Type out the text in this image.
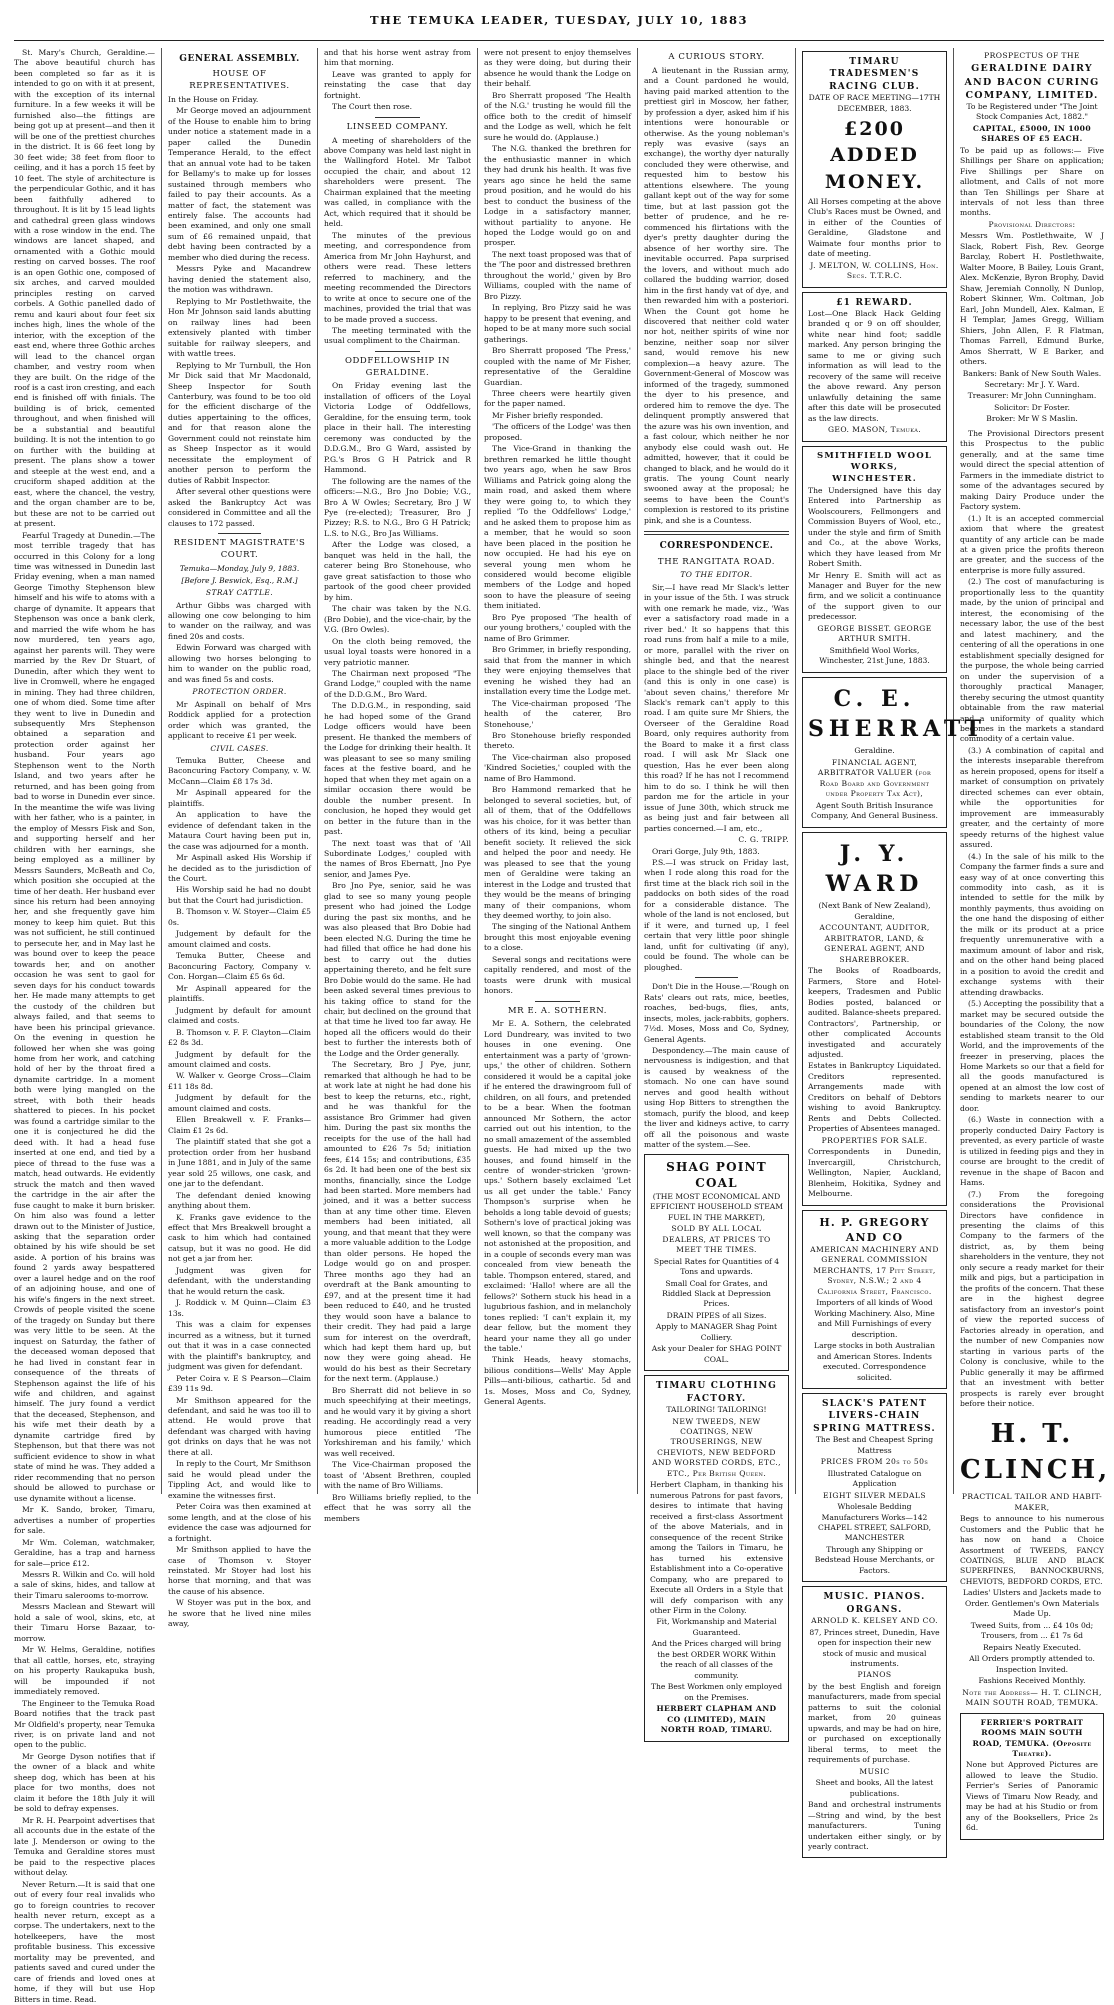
THE TEMUKA LEADER, TUESDAY, JULY 10, 1883

St. Mary's Church, Geraldine.—The above beautiful church has been completed so far as it is intended to go on with it at present, with the exception of its internal furniture. In a few weeks it will be furnished also—the fittings are being got up at present—and then it will be one of the prettiest churches in the district. It is 66 feet long by 30 feet wide; 38 feet from floor to ceiling, and it has a porch 15 feet by 10 feet. The style of architecture is the perpendicular Gothic, and it has been faithfully adhered to throughout. It is lit by 15 lead lights and cathedral green glass windows with a rose window in the end. The windows are lancet shaped, and ornamented with a Gothic mould resting on carved bosses. The roof is an open Gothic one, composed of six arches, and carved moulded principles resting on carved corbels. A Gothic panelled dado of remu and kauri about four feet six inches high, lines the whole of the interior, with the exception of the east end, where three Gothic arches will lead to the chancel organ chamber, and vestry room when they are built. On the ridge of the roof is a cast iron cresting, and each end is finished off with finials. The building is of brick, cemented throughout, and when finished will be a substantial and beautiful building. It is not the intention to go on further with the building at present. The plans show a tower and steeple at the west end, and a cruciform shaped addition at the east, where the chancel, the vestry, and the organ chamber are to be, but these are not to be carried out at present.

Fearful Tragedy at Dunedin.—The most terrible tragedy that has occurred in this Colony for a long time was witnessed in Dunedin last Friday evening, when a man named George Timothy Stephenson blew himself and his wife to atoms with a charge of dynamite. It appears that Stephenson was once a bank clerk, and married the wife whom he has now murdered, ten years ago, against her parents will. They were married by the Rev Dr Stuart, of Dunedin, after which they went to live in Cromwell, where he engaged in mining. They had three children, one of whom died. Some time after they went to live in Dunedin and subsequently Mrs Stephenson obtained a separation and protection order against her husband. Four years ago Stephenson went to the North Island, and two years after he returned, and has been going from bad to worse in Dunedin ever since. In the meantime the wife was living with her father, who is a painter, in the employ of Messrs Fisk and Son, and supporting herself and her children with her earnings, she being employed as a milliner by Messrs Saunders, McBeath and Co, which position she occupied at the time of her death. Her husband ever since his return had been annoying her, and she frequently gave him money to keep him quiet. But this was not sufficient, he still continued to persecute her, and in May last he was bound over to keep the peace towards her, and on another occasion he was sent to gaol for seven days for his conduct towards her. He made many attempts to get the custody of the children but always failed, and that seems to have been his principal grievance. On the evening in question he followed her when she was going home from her work, and catching hold of her by the throat fired a dynamite cartridge. In a moment both were lying mangled on the street, with both their heads shattered to pieces. In his pocket was found a cartridge similar to the one it is conjectured he did the deed with. It had a head fuse inserted at one end, and tied by a piece of thread to the fuse was a match, head outwards. He evidently struck the match and then waved the cartridge in the air after the fuse caught to make it burn brisker. On him also was found a letter drawn out to the Minister of Justice, asking that the separation order obtained by his wife should be set aside. A portion of his brains was found 2 yards away bespattered over a laurel hedge and on the roof of an adjoining house, and one of his wife's fingers in the next street. Crowds of people visited the scene of the tragedy on Sunday but there was very little to be seen. At the inquest on Saturday, the father of the deceased woman deposed that he had lived in constant fear in consequence of the threats of Stephenson against the life of his wife and children, and against himself. The jury found a verdict that the deceased, Stephenson, and his wife met their death by a dynamite cartridge fired by Stephenson, but that there was not sufficient evidence to show in what state of mind he was. They added a rider recommending that no person should be allowed to purchase or use dynamite without a license.

Mr K. Sando, broker, Timaru, advertises a number of properties for sale.

Mr Wm. Coleman, watchmaker, Geraldine, has a trap and harness for sale—price £12.

Messrs R. Wilkin and Co. will hold a sale of skins, hides, and tallow at their Timaru salerooms to-morrow.

Messrs Maclean and Stewart will hold a sale of wool, skins, etc, at their Timaru Horse Bazaar, to-morrow.

Mr W. Helms, Geraldine, notifies that all cattle, horses, etc, straying on his property Raukapuka bush, will be impounded if not immediately removed.

The Engineer to the Temuka Road Board notifies that the track past Mr Oldfield's property, near Temuka river, is on private land and not open to the public.

Mr George Dyson notifies that if the owner of a black and white sheep dog, which has been at his place for two months, does not claim it before the 18th July it will be sold to defray expenses.

Mr R. H. Pearpoint advertises that all accounts due in the estate of the late J. Menderson or owing to the Temuka and Geraldine stores must be paid to the respective places without delay.

Never Return.—It is said that one out of every four real invalids who go to foreign countries to recover health never return, except as a corpse. The undertakers, next to the hotelkeepers, have the most profitable business. This excessive mortality may be prevented, and patients saved and cured under the care of friends and loved ones at home, if they will but use Hop Bitters in time. Read.

GENERAL ASSEMBLY.
HOUSE OF REPRESENTATIVES.

In the House on Friday.

Mr George moved an adjournment of the House to enable him to bring under notice a statement made in a paper called the Dunedin Temperance Herald, to the effect that an annual vote had to be taken for Bellamy's to make up for losses sustained through members who failed to pay their accounts. As a matter of fact, the statement was entirely false. The accounts had been examined, and only one small sum of £6 remained unpaid, that debt having been contracted by a member who died during the recess.

Messrs Pyke and Macandrew having denied the statement also, the motion was withdrawn.

Replying to Mr Postlethwaite, the Hon Mr Johnson said lands abutting on railway lines had been extensively planted with timber suitable for railway sleepers, and with wattle trees.

Replying to Mr Turnbull, the Hon Mr Dick said that Mr Macdonald, Sheep Inspector for South Canterbury, was found to be too old for the efficient discharge of the duties appertaining to the offices, and for that reason alone the Government could not reinstate him as Sheep Inspector as it would necessitate the employment of another person to perform the duties of Rabbit Inspector.

After several other questions were asked the Bankruptcy Act was considered in Committee and all the clauses to 172 passed.

RESIDENT MAGISTRATE'S COURT.
Temuka—Monday, July 9, 1883.
[Before J. Beswick, Esq., R.M.]
STRAY CATTLE.

Arthur Gibbs was charged with allowing one cow belonging to him to wander on the railway, and was fined 20s and costs.

Edwin Forward was charged with allowing two horses belonging to him to wander on the public road, and was fined 5s and costs.

PROTECTION ORDER.

Mr Aspinall on behalf of Mrs Roddick applied for a protection order which was granted, the applicant to receive £1 per week.

CIVIL CASES.

Temuka Butter, Cheese and Baconcuring Factory Company, v. W. McCann—Claim £8 17s 3d.

Mr Aspinall appeared for the plaintiffs.

An application to have the evidence of defendant taken in the Mataura Court having been put in, the case was adjourned for a month.

Mr Aspinall asked His Worship if he decided as to the jurisdiction of the Court.

His Worship said he had no doubt but that the Court had jurisdiction.

B. Thomson v. W. Stoyer—Claim £5 0s.

Judgement by default for the amount claimed and costs.

Temuka Butter, Cheese and Baconcuring Factory, Company v. Con. Horgan—Claim £5 6s 6d.

Mr Aspinall appeared for the plaintiffs.

Judgment by default for amount claimed and costs.

B. Thomson v. F. F. Clayton—Claim £2 8s 3d.

Judgment by default for the amount claimed and costs.

W. Walker v. George Cross—Claim £11 18s 8d.

Judgment by default for the amount claimed and costs.

Ellen Breakwell v. F. Franks—Claim £1 2s 6d.

The plaintiff stated that she got a protection order from her husband in June 1881, and in July of the same year sold 25 willows, one cask, and one jar to the defendant.

The defendant denied knowing anything about them.

K. Franks gave evidence to the effect that Mrs Breakwell brought a cask to him which had contained catsup, but it was no good. He did not get a jar from her.

Judgment was given for defendant, with the understanding that he would return the cask.

J. Roddick v. M Quinn—Claim £3 13s.

This was a claim for expenses incurred as a witness, but it turned out that it was in a case connected with the plaintiff's bankruptcy, and judgment was given for defendant.

Peter Coira v. E S Pearson—Claim £39 11s 9d.

Mr Smithson appeared for the defendant, and said he was too ill to attend. He would prove that defendant was charged with having got drinks on days that he was not there at all.

In reply to the Court, Mr Smithson said he would plead under the Tippling Act, and would like to examine the witnesses first.

Peter Coira was then examined at some length, and at the close of his evidence the case was adjourned for a fortnight.

Mr Smithson applied to have the case of Thomson v. Stoyer reinstated. Mr Stoyer had lost his horse that morning, and that was the cause of his absence.

W Stoyer was put in the box, and he swore that he lived nine miles away,

and that his horse went astray from him that morning.

Leave was granted to apply for reinstating the case that day fortnight.

The Court then rose.

LINSEED COMPANY.

A meeting of shareholders of the above Company was held last night in the Wallingford Hotel. Mr Talbot occupied the chair, and about 12 shareholders were present. The Chairman explained that the meeting was called, in compliance with the Act, which required that it should be held.

The minutes of the previous meeting, and correspondence from America from Mr John Hayhurst, and others were read. These letters referred to machinery, and the meeting recommended the Directors to write at once to secure one of the machines, provided the trial that was to be made proved a success.

The meeting terminated with the usual compliment to the Chairman.

ODDFELLOWSHIP IN GERALDINE.

On Friday evening last the installation of officers of the Loyal Victoria Lodge of Oddfellows, Geraldine, for the ensuing term, took place in their hall. The interesting ceremony was conducted by the D.D.G.M., Bro G Ward, assisted by P.G.'s Bros G H Patrick and R Hammond.

The following are the names of the officers:—N.G., Bro Jno Dobie; V.G., Bro A W Owles; Secretary, Bro J W Pye (re-elected); Treasurer, Bro J Pizzey; R.S. to N.G., Bro G H Patrick; L.S. to N.G., Bro Jas Williams.

After the Lodge was closed, a banquet was held in the hall, the caterer being Bro Stonehouse, who gave great satisfaction to those who partook of the good cheer provided by him.

The chair was taken by the N.G. (Bro Dobie), and the vice-chair, by the V.G. (Bro Owles).

On the cloth being removed, the usual loyal toasts were honored in a very patriotic manner.

The Chairman next proposed "The Grand Lodge," coupled with the name of the D.D.G.M., Bro Ward.

The D.D.G.M., in responding, said he had hoped some of the Grand Lodge officers would have been present. He thanked the members of the Lodge for drinking their health. It was pleasant to see so many smiling faces at the festive board, and he hoped that when they met again on a similar occasion there would be double the number present. In conclusion, he hoped they would get on better in the future than in the past.

The next toast was that of 'All Subordinate Lodges,' coupled with the names of Bros Ebernatt, Jno Pye senior, and James Pye.

Bro Jno Pye, senior, said he was glad to see so many young people present who had joined the Lodge during the past six months, and he was also pleased that Bro Dobie had been elected N.G. During the time he had filled that office he had done his best to carry out the duties appertaining thereto, and he felt sure Bro Dobie would do the same. He had been asked several times previous to his taking office to stand for the chair, but declined on the ground that at that time he lived too far away. He hoped all the officers would do their best to further the interests both of the Lodge and the Order generally.

The Secretary, Bro J Pye, junr, remarked that although he had to be at work late at night he had done his best to keep the returns, etc., right, and he was thankful for the assistance Bro Grimmer had given him. During the past six months the receipts for the use of the hall had amounted to £26 7s 5d; initiation fees, £14 15s; and contributions, £35 6s 2d. It had been one of the best six months, financially, since the Lodge had been started. More members had joined, and it was a better success than at any time other time. Eleven members had been initiated, all young, and that meant that they were a more valuable addition to the Lodge than older persons. He hoped the Lodge would go on and prosper. Three months ago they had an overdraft at the Bank amounting to £97, and at the present time it had been reduced to £40, and he trusted they would soon have a balance to their credit. They had paid a large sum for interest on the overdraft, which had kept them hard up, but now they were going ahead. He would do his best as their Secretary for the next term. (Applause.)

Bro Sherratt did not believe in so much speechifying at their meetings, and he would vary it by giving a short reading. He accordingly read a very humorous piece entitled 'The Yorkshireman and his family,' which was well received.

The Vice-Chairman proposed the toast of 'Absent Brethren, coupled with the name of Bro Williams.

Bro Williams briefly replied, to the effect that he was sorry all the members

were not present to enjoy themselves as they were doing, but during their absence he would thank the Lodge on their behalf.

Bro Sherratt proposed 'The Health of the N.G.' trusting he would fill the office both to the credit of himself and the Lodge as well, which he felt sure he would do. (Applause.)

The N.G. thanked the brethren for the enthusiastic manner in which they had drunk his health. It was five years ago since he held the same proud position, and he would do his best to conduct the business of the Lodge in a satisfactory manner, without partiality to anyone. He hoped the Lodge would go on and prosper.

The next toast proposed was that of the 'The poor and distressed brethren throughout the world,' given by Bro Williams, coupled with the name of Bro Pizzy.

In replying, Bro Pizzy said he was happy to be present that evening, and hoped to be at many more such social gatherings.

Bro Sherratt proposed 'The Press,' coupled with the name of Mr Fisher, representative of the Geraldine Guardian.

Three cheers were heartily given for the paper named.

Mr Fisher briefly responded.

'The officers of the Lodge' was then proposed.

The Vice-Grand in thanking the brethren remarked he little thought two years ago, when he saw Bros Williams and Patrick going along the main road, and asked them where they were going to, to which they replied 'To the Oddfellows' Lodge,' and he asked them to propose him as a member, that he would so soon have been placed in the position he now occupied. He had his eye on several young men whom he considered would become eligible members of the Lodge and hoped soon to have the pleasure of seeing them initiated.

Bro Pye proposed 'The health of our young brothers,' coupled with the name of Bro Grimmer.

Bro Grimmer, in briefly responding, said that from the manner in which they were enjoying themselves that evening he wished they had an installation every time the Lodge met.

The Vice-chairman proposed 'The health of the caterer, Bro Stonehouse,'

Bro Stonehouse briefly responded thereto.

The Vice-chairman also proposed 'Kindred Societies,' coupled with the name of Bro Hammond.

Bro Hammond remarked that he belonged to several societies, but, of all of them, that of the Oddfellows was his choice, for it was better than others of its kind, being a peculiar benefit society. It relieved the sick and helped the poor and needy. He was pleased to see that the young men of Geraldine were taking an interest in the Lodge and trusted that they would be the means of bringing many of their companions, whom they deemed worthy, to join also.

The singing of the National Anthem brought this most enjoyable evening to a close.

Several songs and recitations were capitally rendered, and most of the toasts were drunk with musical honors.

MR E. A. SOTHERN.

Mr E. A. Sothern, the celebrated Lord Dundreary, was invited to two houses in one evening. One entertainment was a party of 'grown-ups,' the other of children. Sothern considered it would be a capital joke if he entered the drawingroom full of children, on all fours, and pretended to be a bear. When the footman announced Mr Sothern, the actor carried out out his intention, to the no small amazement of the assembled guests. He had mixed up the two houses, and found himself in the centre of wonder-stricken 'grown-ups.' Sothern basely exclaimed 'Let us all get under the table.' Fancy Thompson's surprise when he beholds a long table devoid of guests; Sothern's love of practical joking was well known, so that the company was not astonished at the proposition, and in a couple of seconds every man was concealed from view beneath the table. Thompson entered, stared, and exclaimed: 'Hallo! where are all the fellows?' Sothern stuck his head in a lugubrious fashion, and in melancholy tones replied: 'I can't explain it, my dear fellow, but the moment they heard your name they all go under the table.'

Think Heads, heavy stomachs, bilious conditions—Wells' May Apple Pills—anti-bilious, cathartic. 5d and 1s. Moses, Moss and Co, Sydney, General Agents.

A CURIOUS STORY.

A lieutenant in the Russian army, and a Count pardoned he would, having paid marked attention to the prettiest girl in Moscow, her father, by profession a dyer, asked him if his intentions were honourable or otherwise. As the young nobleman's reply was evasive (says an exchange), the worthy dyer naturally concluded they were otherwise, and requested him to bestow his attentions elsewhere. The young gallant kept out of the way for some time, but at last passion got the better of prudence, and he re-commenced his flirtations with the dyer's pretty daughter during the absence of her worthy sire. The inevitable occurred. Papa surprised the lovers, and without much ado collared the budding warrior, dosed him in the first handy vat of dye, and then rewarded him with a posteriori. When the Count got home he discovered that neither cold water nor hot, neither spirits of wine nor benzine, neither soap nor silver sand, would remove his new complexion—a heavy azure. The Government-General of Moscow was informed of the tragedy, summoned the dyer to his presence, and ordered him to remove the dye. The delinquent promptly answered that the azure was his own invention, and a fast colour, which neither he nor anybody else could wash out. He admitted, however, that it could be changed to black, and he would do it gratis. The young Count nearly swooned away at the proposal; he seems to have been the Count's complexion is restored to its pristine pink, and she is a Countess.

CORRESPONDENCE.
THE RANGITATA ROAD.
TO THE EDITOR.

Sir,—I have read Mr Slack's letter in your issue of the 5th. I was struck with one remark he made, viz., 'Was ever a satisfactory road made in a river bed.' It so happens that this road runs from half a mile to a mile, or more, parallel with the river on shingle bed, and that the nearest place to the shingle bed of the river (and this is only in one case) is 'about seven chains,' therefore Mr Slack's remark can't apply to this road. I am quite sure Mr Shiers, the Overseer of the Geraldine Road Board, only requires authority from the Board to make it a first class road. I will ask Mr Slack one question, Has he ever been along this road? If he has not I recommend him to do so. I think he will then pardon me for the article in your issue of June 30th, which struck me as being just and fair between all parties concerned.—I am, etc.,

C. G. TRIPP.

Orari Gorge, July 9th, 1883.

P.S.—I was struck on Friday last, when I rode along this road for the first time at the black rich soil in the paddocks on both sides of the road for a considerable distance. The whole of the land is not enclosed, but if it were, and turned up, I feel certain that very little poor shingle land, unfit for cultivating (if any), could be found. The whole can be ploughed.

Don't Die in the House.—'Rough on Rats' clears out rats, mice, beetles, roaches, bed-bugs, flies, ants, insects, moles, jack-rabbits, gophers. 7½d. Moses, Moss and Co, Sydney, General Agents.

Despondency.—The main cause of nervousness is indigestion, and that is caused by weakness of the stomach. No one can have sound nerves and good health without using Hop Bitters to strengthen the stomach, purify the blood, and keep the liver and kidneys active, to carry off all the poisonous and waste matter of the system.—See.

SHAG POINT COAL

(THE MOST ECONOMICAL AND EFFICIENT HOUSEHOLD STEAM FUEL IN THE MARKET),

SOLD BY ALL LOCAL DEALERS, AT PRICES TO MEET THE TIMES.

Special Rates for Quantities of 4 Tons and upwards.

Small Coal for Grates, and Riddled Slack at Depression Prices.

DRAIN PIPES of all Sizes.

Apply to MANAGER Shag Point Colliery.

Ask your Dealer for SHAG POINT COAL.

TIMARU CLOTHING FACTORY.

TAILORING! TAILORING!

NEW TWEEDS, NEW COATINGS, NEW TROUSERINGS, NEW CHEVIOTS, NEW BEDFORD AND WORSTED CORDS, ETC., ETC., Per British Queen.

Herbert Clapham, in thanking his numerous Patrons for past favors, desires to intimate that having received a first-class Assortment of the above Materials, and in consequence of the recent Strike among the Tailors in Timaru, he has turned his extensive Establishment into a Co-operative Company, who are prepared to Execute all Orders in a Style that will defy comparison with any other Firm in the Colony.

Fit, Workmanship and Material Guaranteed.

And the Prices charged will bring the best ORDER WORK Within the reach of all classes of the community.

The Best Workmen only employed on the Premises.

HERBERT CLAPHAM AND CO (LIMITED), MAIN NORTH ROAD, TIMARU.

TIMARU TRADESMEN'S RACING CLUB.

DATE OF RACE MEETING—17TH DECEMBER, 1883.

£200 ADDED MONEY.

All Horses competing at the above Club's Races must be Owned, and in either of the Counties of Geraldine, Gladstone and Waimate four months prior to date of meeting.

J. MELTON, W. COLLINS, Hon. Secs. T.T.R.C.

£1 REWARD.

Lost—One Black Hack Gelding branded q or 9 on off shoulder, white near hind foot; saddle marked. Any person bringing the same to me or giving such information as will lead to the recovery of the same will receive the above reward. Any person unlawfully detaining the same after this date will be prosecuted as the law directs.

GEO. MASON, Temuka.

SMITHFIELD WOOL WORKS, WINCHESTER.

The Undersigned have this day Entered into Partnership as Woolscourers, Fellmongers and Commission Buyers of Wool, etc., under the style and firm of Smith and Co., at the above Works, which they have leased from Mr Robert Smith.

Mr Henry E. Smith will act as Manager and Buyer for the new firm, and we solicit a continuance of the support given to our predecessor.

GEORGE BISSET. GEORGE ARTHUR SMITH.

Smithfield Wool Works, Winchester, 21st June, 1883.

C. E. SHERRATT

Geraldine.

FINANCIAL AGENT, ARBITRATOR VALUER (for Road Board and Government under Property Tax Act),

Agent South British Insurance Company, And General Business.

J. Y. WARD

(Next Bank of New Zealand), Geraldine,

ACCOUNTANT, AUDITOR, ARBITRATOR, LAND, & GENERAL AGENT, AND SHAREBROKER.

The Books of Roadboards, Farmers, Store and Hotel-keepers, Tradesmen and Public Bodies posted, balanced or audited. Balance-sheets prepared. Contractors', Partnership, or other complicated Accounts investigated and accurately adjusted.

Estates in Bankruptcy Liquidated. Creditors represented. Arrangements made with Creditors on behalf of Debtors wishing to avoid Bankruptcy. Rents and Debts Collected. Properties of Absentees managed.

PROPERTIES FOR SALE.

Correspondents in Dunedin, Invercargill, Christchurch, Wellington, Napier, Auckland, Blenheim, Hokitika, Sydney and Melbourne.

H. P. GREGORY AND CO

AMERICAN MACHINERY AND GENERAL COMMISSION MERCHANTS, 17 Pitt Street, Sydney, N.S.W.; 2 and 4 California Street, Francisco.

Importers of all kinds of Wood Working Machinery. Also, Mine and Mill Furnishings of every description.

Large stocks in both Australian and American Stores. Indents executed. Correspondence solicited.

SLACK'S PATENT LIVERS-CHAIN SPRING MATTRESS.

The Best and Cheapest Spring Mattress

PRICES FROM 20s to 50s

Illustrated Catalogue on Application

EIGHT SILVER MEDALS

Wholesale Bedding Manufacturers Works—142 CHAPEL STREET, SALFORD, MANCHESTER

Through any Shipping or Bedstead House Merchants, or Factors.

MUSIC. PIANOS. ORGANS.

ARNOLD K. KELSEY AND CO.

87, Princes street, Dunedin, Have open for inspection their new stock of music and musical instruments.

PIANOS

by the best English and foreign manufacturers, made from special patterns to suit the colonial market, from 20 guineas upwards, and may be had on hire, or purchased on exceptionally liberal terms, to meet the requirements of purchase.

MUSIC

Sheet and books, All the latest publications.

Band and orchestral instruments—String and wind, by the best manufacturers. Tuning undertaken either singly, or by yearly contract.

PROSPECTUS OF THE

GERALDINE DAIRY AND BACON CURING COMPANY, LIMITED.

To be Registered under "The Joint Stock Companies Act, 1882."

CAPITAL, £5000, IN 1000 SHARES OF £5 EACH.

To be paid up as follows:— Five Shillings per Share on application; Five Shillings per Share on allotment, and Calls of not more than Ten Shillings per Share at intervals of not less than three months.

Provisional Directors:

Messrs Wm. Postlethwaite, W J Slack, Robert Fish, Rev. George Barclay, Robert H. Postlethwaite, Walter Moore, B Bailey, Louis Grant, Alex. McKenzie, Byron Brophy, David Shaw, Jeremiah Connolly, N Dunlop, Robert Skinner, Wm. Coltman, Job Earl, John Mundell, Alex. Kalman, E H Templar, James Gregg, William Shiers, John Allen, F. R Flatman, Thomas Farrell, Edmund Burke, Amos Sherratt, W E Barker, and others.

Bankers: Bank of New South Wales.

Secretary: Mr J. Y. Ward.

Treasurer: Mr John Cunningham.

Solicitor: Dr Foster.

Broker: Mr W S Maslin.

The Provisional Directors present this Prospectus to the public generally, and at the same time would direct the special attention of Farmers in the immediate district to some of the advantages secured by making Dairy Produce under the Factory system.

(1.) It is an accepted commercial axiom that where the greatest quantity of any article can be made at a given price the profits thereon are greater, and the success of the enterprise is more fully assured.

(2.) The cost of manufacturing is proportionally less to the quantity made, by the union of principal and interest, the economising of the necessary labor, the use of the best and latest machinery, and the centering of all the operations in one establishment specially designed for the purpose, the whole being carried on under the supervision of a thoroughly practical Manager, thereby securing the utmost quantity obtainable from the raw material and a uniformity of quality which becomes in the markets a standard commodity of a certain value.

(3.) A combination of capital and the interests inseparable therefrom as herein proposed, opens for itself a market of consumption on privately directed schemes can ever obtain, while the opportunities for improvement are immeasurably greater, and the certainty of more speedy returns of the highest value assured.

(4.) In the sale of his milk to the Company the farmer finds a sure and easy way of at once converting this commodity into cash, as it is intended to settle for the milk by monthly payments, thus avoiding on the one hand the disposing of either the milk or its product at a price frequently unremunerative with a maximum amount of labor and risk, and on the other hand being placed in a position to avoid the credit and exchange systems with their attending drawbacks.

(5.) Accepting the possibility that a market may be secured outside the boundaries of the Colony, the now established steam transit to the Old World, and the improvements of the freezer in preserving, places the Home Markets so our that a field for all the goods manufactured is opened at an almost the low cost of sending to markets nearer to our door.

(6.) Waste in connection with a properly conducted Dairy Factory is prevented, as every particle of waste is utilized in feeding pigs and they in course are brought to the credit of revenue in the shape of Bacon and Hams.

(7.) From the foregoing considerations the Provisional Directors have confidence in presenting the claims of this Company to the farmers of the district, as, by them being shareholders in the venture, they not only secure a ready market for their milk and pigs, but a participation in the profits of the concern. That these are in the highest degree satisfactory from an investor's point of view the reported success of Factories already in operation, and the number of new Companies now starting in various parts of the Colony is conclusive, while to the Public generally it may be affirmed that an investment with better prospects is rarely ever brought before their notice.

H. T. CLINCH,

PRACTICAL TAILOR AND HABIT-MAKER,

Begs to announce to his numerous Customers and the Public that he has now on hand a Choice Assortment of TWEEDS, FANCY COATINGS, BLUE AND BLACK SUPERFINES, BANNOCKBURNS, CHEVIOTS, BEDFORD CORDS, ETC.

Ladies' Ulsters and Jackets made to Order. Gentlemen's Own Materials Made Up.

Tweed Suits, from ... £4 10s 0d; Trousers, from ... £1 7s 6d

Repairs Neatly Executed.

All Orders promptly attended to. Inspection Invited.

Fashions Received Monthly.

Note the Address— H. T. CLINCH, MAIN SOUTH ROAD, TEMUKA.

FERRIER'S PORTRAIT ROOMS MAIN SOUTH ROAD, TEMUKA. (Opposite Theatre).

None but Approved Pictures are allowed to leave the Studio. Ferrier's Series of Panoramic Views of Timaru Now Ready, and may be had at his Studio or from any of the Booksellers, Price 2s 6d.
